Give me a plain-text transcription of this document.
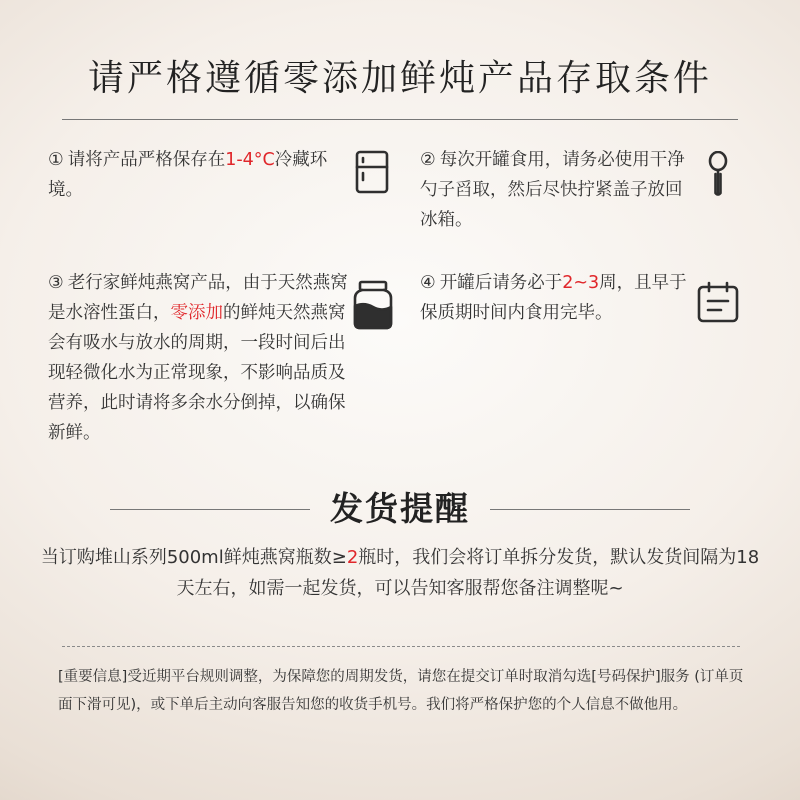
请严格遵循零添加鲜炖产品存取条件
① 请将产品严格保存在1-4°C冷藏环境。
② 每次开罐食用，请务必使用干净勺子舀取，然后尽快拧紧盖子放回冰箱。
③ 老行家鲜炖燕窝产品，由于天然燕窝是水溶性蛋白，零添加的鲜炖天然燕窝会有吸水与放水的周期，一段时间后出现轻微化水为正常现象，不影响品质及营养，此时请将多余水分倒掉，以确保新鲜。
④ 开罐后请务必于2~3周，且早于保质期时间内食用完毕。
发货提醒

当订购堆山系列500ml鲜炖燕窝瓶数≥2瓶时，我们会将订单拆分发货，默认发货间隔为18天左右，如需一起发货，可以告知客服帮您备注调整呢~

[重要信息]受近期平台规则调整，为保障您的周期发货，请您在提交订单时取消勾选[号码保护]服务 (订单页面下滑可见)，或下单后主动向客服告知您的收货手机号。我们将严格保护您的个人信息不做他用。
